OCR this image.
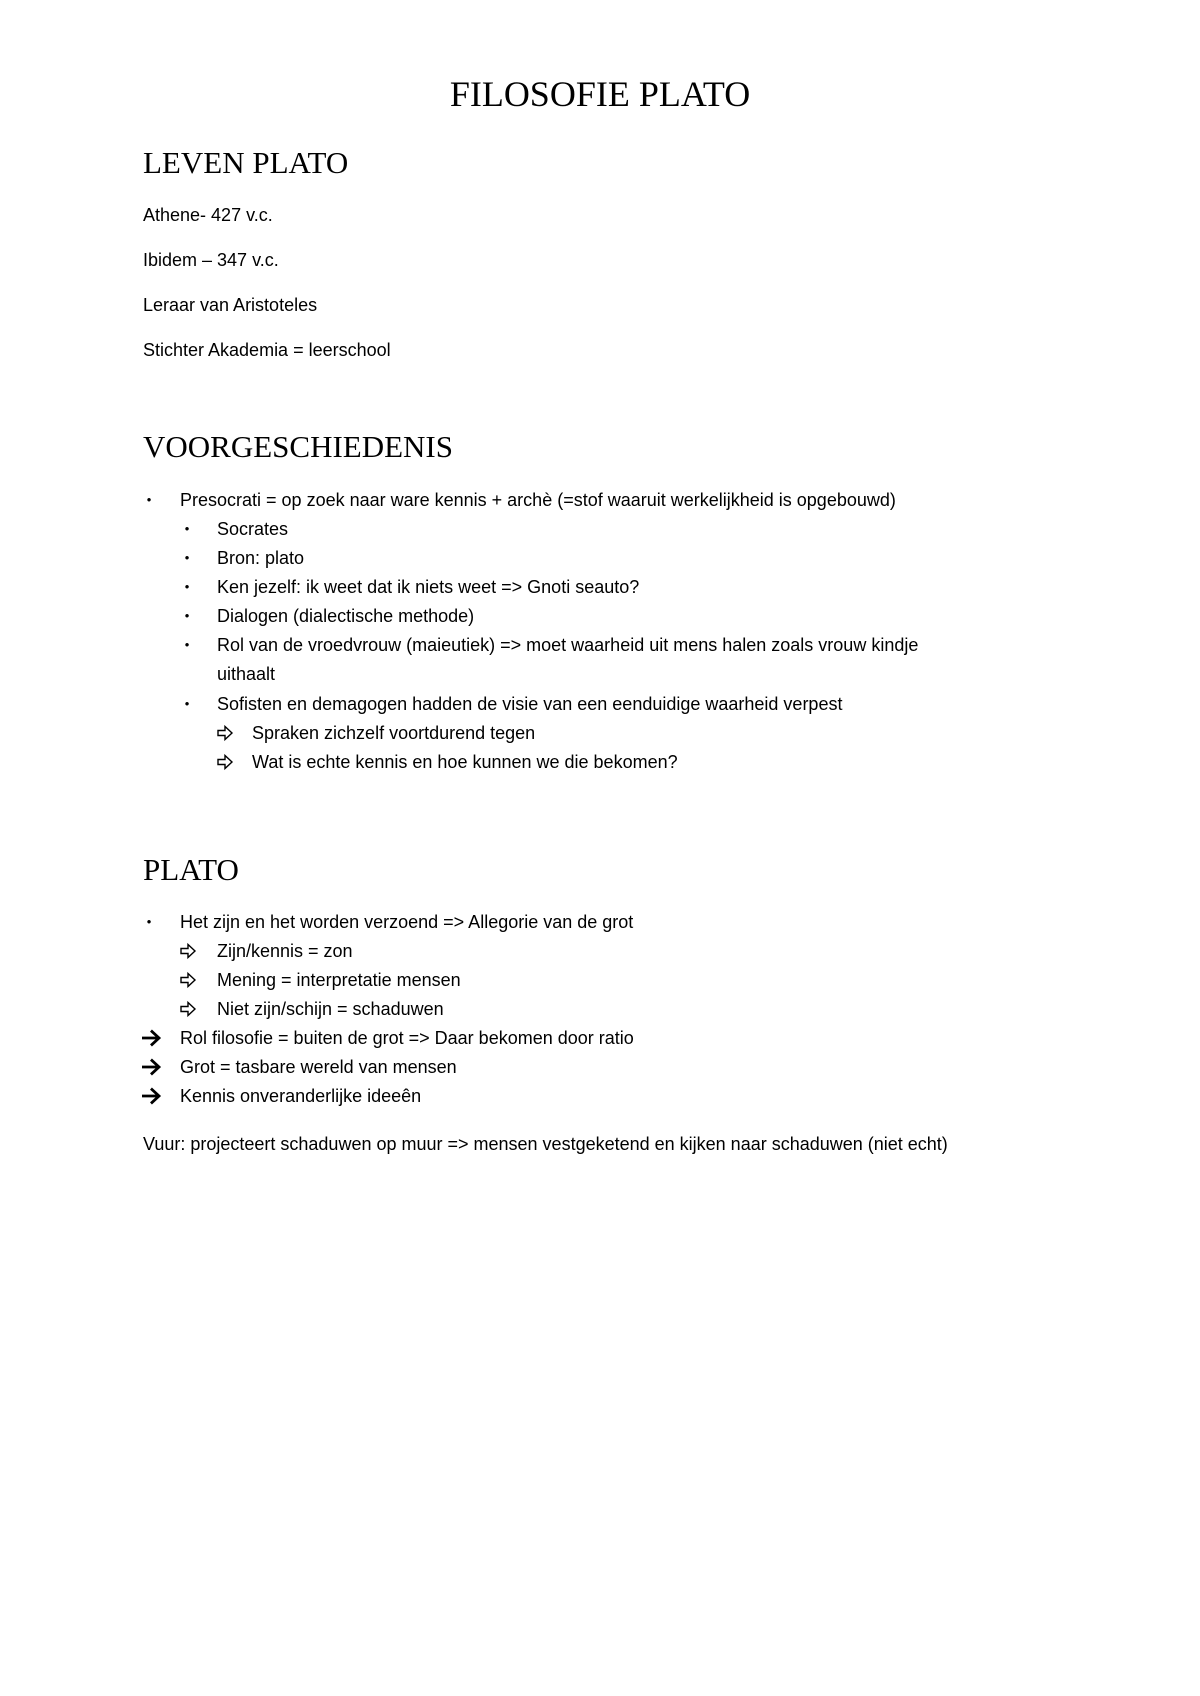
FILOSOFIE PLATO
LEVEN PLATO
Athene- 427 v.c.
Ibidem – 347 v.c.
Leraar van Aristoteles
Stichter Akademia = leerschool
VOORGESCHIEDENIS
• Presocrati = op zoek naar ware kennis + archè (=stof waaruit werkelijkheid is opgebouwd)
• Socrates
• Bron: plato
• Ken jezelf: ik weet dat ik niets weet => Gnoti seauto?
• Dialogen (dialectische methode)
• Rol van de vroedvrouw (maieutiek) => moet waarheid uit mens halen zoals vrouw kindje
uithaalt
• Sofisten en demagogen hadden de visie van een eenduidige waarheid verpest
Spraken zichzelf voortdurend tegen
Wat is echte kennis en hoe kunnen we die bekomen?
PLATO
• Het zijn en het worden verzoend => Allegorie van de grot
Zijn/kennis = zon
Mening = interpretatie mensen
Niet zijn/schijn = schaduwen
Rol filosofie = buiten de grot => Daar bekomen door ratio
Grot = tasbare wereld van mensen
Kennis onveranderlijke ideeên
Vuur: projecteert schaduwen op muur => mensen vestgeketend en kijken naar schaduwen (niet echt)
